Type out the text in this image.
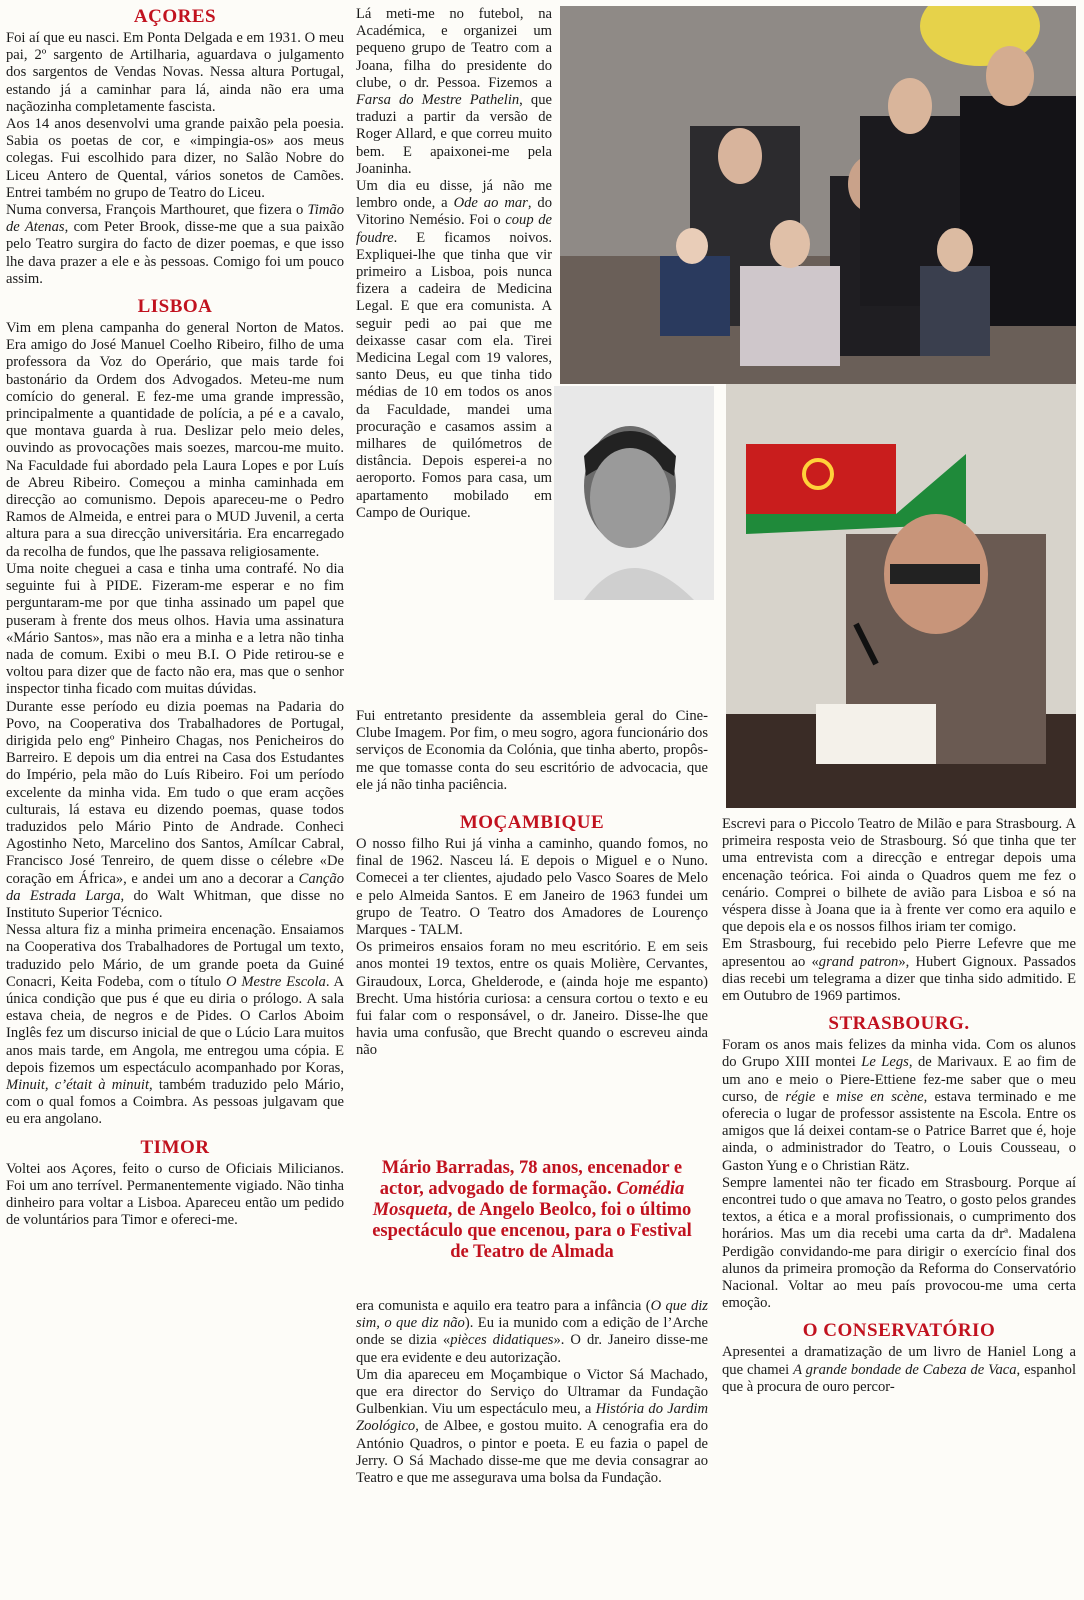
AÇORES

Foi aí que eu nasci. Em Ponta Delgada e em 1931. O meu pai, 2º sargento de Artilharia, aguardava o julgamento dos sargentos de Vendas Novas. Nessa altura Portugal, estando já a caminhar para lá, ainda não era uma naçãozinha completamente fascista.

Aos 14 anos desenvolvi uma grande paixão pela poesia. Sabia os poetas de cor, e «impingia-os» aos meus colegas. Fui escolhido para dizer, no Salão Nobre do Liceu Antero de Quental, vários sonetos de Camões. Entrei também no grupo de Teatro do Liceu.

Numa conversa, François Marthouret, que fizera o Timão de Atenas, com Peter Brook, disse-me que a sua paixão pelo Teatro surgira do facto de dizer poemas, e que isso lhe dava prazer a ele e às pessoas. Comigo foi um pouco assim.

LISBOA

Vim em plena campanha do general Norton de Matos. Era amigo do José Manuel Coelho Ribeiro, filho de uma professora da Voz do Operário, que mais tarde foi bastonário da Ordem dos Advogados. Meteu-me num comício do general. E fez-me uma grande impressão, principalmente a quantidade de polícia, a pé e a cavalo, que montava guarda à rua. Deslizar pelo meio deles, ouvindo as provocações mais soezes, marcou-me muito. Na Faculdade fui abordado pela Laura Lopes e por Luís de Abreu Ribeiro. Começou a minha caminhada em direcção ao comunismo. Depois apareceu-me o Pedro Ramos de Almeida, e entrei para o MUD Juvenil, a certa altura para a sua direcção universitária. Era encarregado da recolha de fundos, que lhe passava religiosamente.

Uma noite cheguei a casa e tinha uma contrafé. No dia seguinte fui à PIDE. Fizeram-me esperar e no fim perguntaram-me por que tinha assinado um papel que puseram à frente dos meus olhos. Havia uma assinatura «Mário Santos», mas não era a minha e a letra não tinha nada de comum. Exibi o meu B.I. O Pide retirou-se e voltou para dizer que de facto não era, mas que o senhor inspector tinha ficado com muitas dúvidas.

Durante esse período eu dizia poemas na Padaria do Povo, na Cooperativa dos Trabalhadores de Portugal, dirigida pelo engº Pinheiro Chagas, nos Penicheiros do Barreiro. E depois um dia entrei na Casa dos Estudantes do Império, pela mão do Luís Ribeiro. Foi um período excelente da minha vida. Em tudo o que eram acções culturais, lá estava eu dizendo poemas, quase todos traduzidos pelo Mário Pinto de Andrade. Conheci Agostinho Neto, Marcelino dos Santos, Amílcar Cabral, Francisco José Tenreiro, de quem disse o célebre «De coração em África», e andei um ano a decorar a Canção da Estrada Larga, do Walt Whitman, que disse no Instituto Superior Técnico.

Nessa altura fiz a minha primeira encenação. Ensaiamos na Cooperativa dos Trabalhadores de Portugal um texto, traduzido pelo Mário, de um grande poeta da Guiné Conacri, Keita Fodeba, com o título O Mestre Escola. A única condição que pus é que eu diria o prólogo. A sala estava cheia, de negros e de Pides. O Carlos Aboim Inglês fez um discurso inicial de que o Lúcio Lara muitos anos mais tarde, em Angola, me entregou uma cópia. E depois fizemos um espectáculo acompanhado por Koras, Minuit, c’était à minuit, também traduzido pelo Mário, com o qual fomos a Coimbra. As pessoas julgavam que eu era angolano.

TIMOR

Voltei aos Açores, feito o curso de Oficiais Milicianos. Foi um ano terrível. Permanentemente vigiado. Não tinha dinheiro para voltar a Lisboa. Apareceu então um pedido de voluntários para Timor e ofereci-me.

Lá meti-me no futebol, na Académica, e organizei um pequeno grupo de Teatro com a Joana, filha do presidente do clube, o dr. Pessoa. Fizemos a Farsa do Mestre Pathelin, que traduzi a partir da versão de Roger Allard, e que correu muito bem. E apaixonei-me pela Joaninha.

Um dia eu disse, já não me lembro onde, a Ode ao mar, do Vitorino Nemésio. Foi o coup de foudre. E ficamos noivos. Expliquei-lhe que tinha que vir primeiro a Lisboa, pois nunca fizera a cadeira de Medicina Legal. E que era comunista. A seguir pedi ao pai que me deixasse casar com ela. Tirei Medicina Legal com 19 valores, santo Deus, eu que tinha tido médias de 10 em todos os anos da Faculdade, mandei uma procuração e casamos assim a milhares de quilómetros de distância. Depois esperei-a no aeroporto. Fomos para casa, um apartamento mobilado em Campo de Ourique.

Fui entretanto presidente da assembleia geral do Cine-Clube Imagem. Por fim, o meu sogro, agora funcionário dos serviços de Economia da Colónia, que tinha aberto, propôs-me que tomasse conta do seu escritório de advocacia, que ele já não tinha paciência.

MOÇAMBIQUE

O nosso filho Rui já vinha a caminho, quando fomos, no final de 1962. Nasceu lá. E depois o Miguel e o Nuno. Comecei a ter clientes, ajudado pelo Vasco Soares de Melo e pelo Almeida Santos. E em Janeiro de 1963 fundei um grupo de Teatro. O Teatro dos Amadores de Lourenço Marques - TALM.

Os primeiros ensaios foram no meu escritório. E em seis anos montei 19 textos, entre os quais Molière, Cervantes, Giraudoux, Lorca, Ghelderode, e (ainda hoje me espanto) Brecht. Uma história curiosa: a censura cortou o texto e eu fui falar com o responsável, o dr. Janeiro. Disse-lhe que havia uma confusão, que Brecht quando o escreveu ainda não

Mário Barradas, 78 anos, encenador e actor, advogado de formação. Comédia Mosqueta, de Angelo Beolco, foi o último espectáculo que encenou, para o Festival de Teatro de Almada

era comunista e aquilo era teatro para a infância (O que diz sim, o que diz não). Eu ia munido com a edição de l’Arche onde se dizia «pièces didatiques». O dr. Janeiro disse-me que era evidente e deu autorização.

Um dia apareceu em Moçambique o Victor Sá Machado, que era director do Serviço do Ultramar da Fundação Gulbenkian. Viu um espectáculo meu, a História do Jardim Zoológico, de Albee, e gostou muito. A cenografia era do António Quadros, o pintor e poeta. E eu fazia o papel de Jerry. O Sá Machado disse-me que me devia consagrar ao Teatro e que me assegurava uma bolsa da Fundação.

Escrevi para o Piccolo Teatro de Milão e para Strasbourg. A primeira resposta veio de Strasbourg. Só que tinha que ter uma entrevista com a direcção e entregar depois uma encenação teórica. Foi ainda o Quadros quem me fez o cenário. Comprei o bilhete de avião para Lisboa e só na véspera disse à Joana que ia à frente ver como era aquilo e que depois ela e os nossos filhos iriam ter comigo.

Em Strasbourg, fui recebido pelo Pierre Lefevre que me apresentou ao «grand patron», Hubert Gignoux. Passados dias recebi um telegrama a dizer que tinha sido admitido. E em Outubro de 1969 partimos.

STRASBOURG.

Foram os anos mais felizes da minha vida. Com os alunos do Grupo XIII montei Le Legs, de Marivaux. E ao fim de um ano e meio o Piere-Ettiene fez-me saber que o meu curso, de régie e mise en scène, estava terminado e me oferecia o lugar de professor assistente na Escola. Entre os amigos que lá deixei contam-se o Patrice Barret que é, hoje ainda, o administrador do Teatro, o Louis Cousseau, o Gaston Yung e o Christian Rätz.

Sempre lamentei não ter ficado em Strasbourg. Porque aí encontrei tudo o que amava no Teatro, o gosto pelos grandes textos, a ética e a moral profissionais, o cumprimento dos horários. Mas um dia recebi uma carta da drª. Madalena Perdigão convidando-me para dirigir o exercício final dos alunos da primeira promoção da Reforma do Conservatório Nacional. Voltar ao meu país provocou-me uma certa emoção.

O CONSERVATÓRIO

Apresentei a dramatização de um livro de Haniel Long a que chamei A grande bondade de Cabeza de Vaca, espanhol que à procura de ouro percor-
